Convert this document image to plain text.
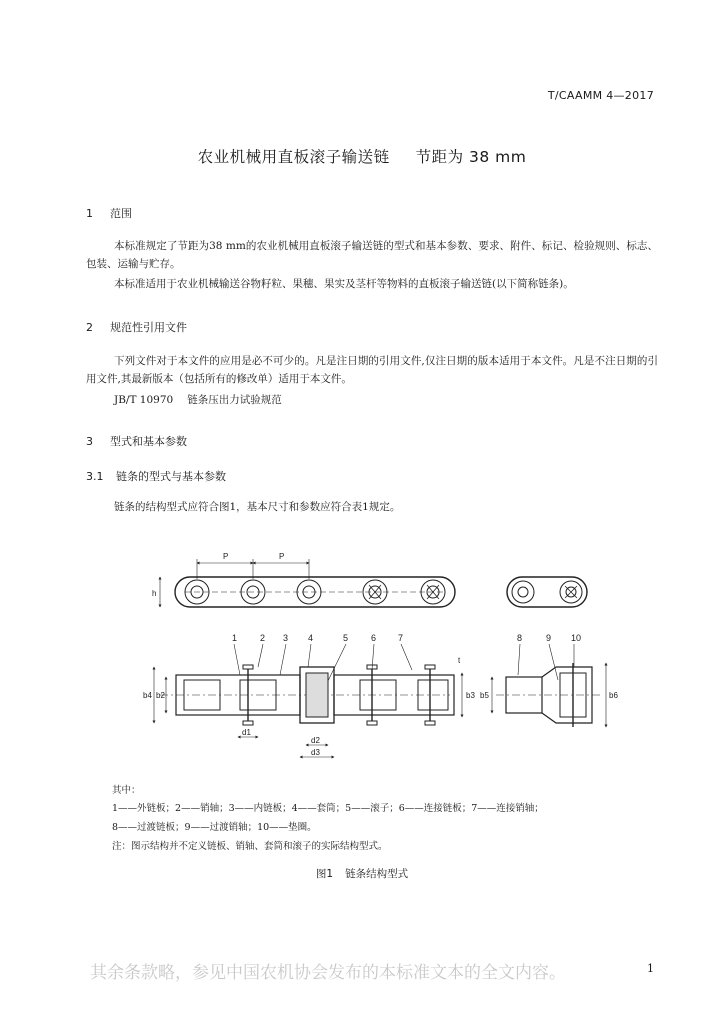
T/CAAMM 4—2017
农业机械用直板滚子输送链 节距为 38 mm
1 范围

本标准规定了节距为38 mm的农业机械用直板滚子输送链的型式和基本参数、要求、附件、标记、检验规则、标志、包装、运输与贮存。

本标准适用于农业机械输送谷物籽粒、果穗、果实及茎杆等物料的直板滚子输送链(以下简称链条)。

2 规范性引用文件

下列文件对于本文件的应用是必不可少的。凡是注日期的引用文件,仅注日期的版本适用于本文件。凡是不注日期的引用文件,其最新版本（包括所有的修改单）适用于本文件。

JB/T 10970 链条压出力试验规范
3 型式和基本参数
3.1 链条的型式与基本参数
链条的结构型式应符合图1，基本尺寸和参数应符合表1规定。
P	P
h
1	2 3 4	5	6 7	8	9 10
b4 b2	b3
t
d1
d2
d3
b5	b6
其中：
1——外链板；2——销轴；3——内链板；4——套筒；5——滚子；6——连接链板；7——连接销轴；
8——过渡链板；9——过渡销轴；10——垫圈。
注：图示结构并不定义链板、销轴、套筒和滚子的实际结构型式。
图1 链条结构型式
其余条款略，参见中国农机协会发布的本标准文本的全文内容。	1
